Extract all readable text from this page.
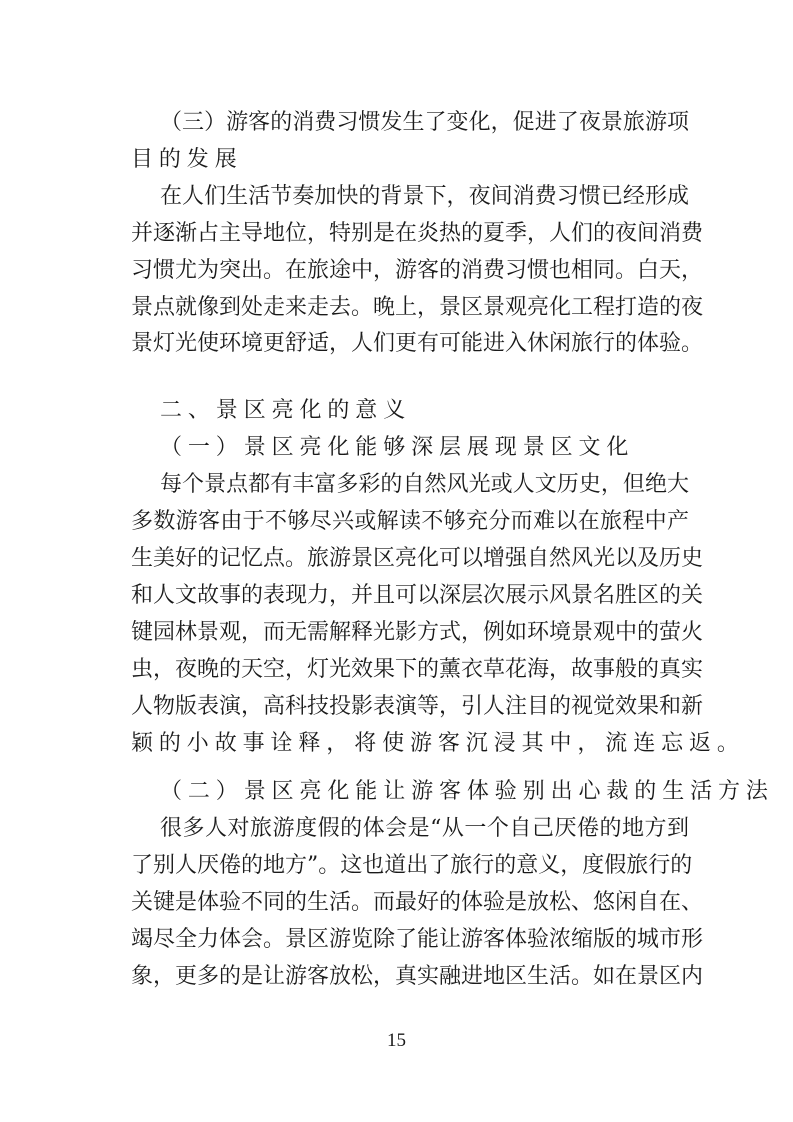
（三）游客的消费习惯发生了变化，促进了夜景旅游项
目的发展
在人们生活节奏加快的背景下，夜间消费习惯已经形成
并逐渐占主导地位，特别是在炎热的夏季，人们的夜间消费
习惯尤为突出。在旅途中，游客的消费习惯也相同。白天，
景点就像到处走来走去。晚上，景区景观亮化工程打造的夜
景灯光使环境更舒适，人们更有可能进入休闲旅行的体验。
二、景区亮化的意义
（一）景区亮化能够深层展现景区文化
每个景点都有丰富多彩的自然风光或人文历史，但绝大
多数游客由于不够尽兴或解读不够充分而难以在旅程中产
生美好的记忆点。旅游景区亮化可以增强自然风光以及历史
和人文故事的表现力，并且可以深层次展示风景名胜区的关
键园林景观，而无需解释光影方式，例如环境景观中的萤火
虫，夜晚的天空，灯光效果下的薰衣草花海，故事般的真实
人物版表演，高科技投影表演等，引人注目的视觉效果和新
颖的小故事诠释，将使游客沉浸其中，流连忘返。
（二）景区亮化能让游客体验别出心裁的生活方法
很多人对旅游度假的体会是“从一个自己厌倦的地方到
了别人厌倦的地方”。这也道出了旅行的意义，度假旅行的
关键是体验不同的生活。而最好的体验是放松、悠闲自在、
竭尽全力体会。景区游览除了能让游客体验浓缩版的城市形
象，更多的是让游客放松，真实融进地区生活。如在景区内
15
